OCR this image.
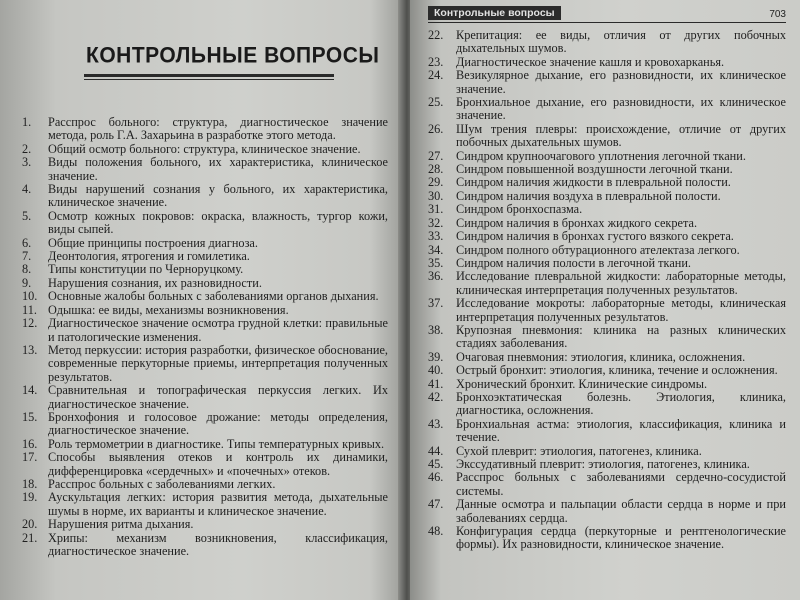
КОНТРОЛЬНЫЕ ВОПРОСЫ
1.	Расспрос больного: структура, диагностическое значение метода, роль Г.А. Захарьина в разработке этого метода.
2.	Общий осмотр больного: структура, клиническое значение.
3.	Виды положения больного, их характеристика, клиническое значение.
4.	Виды нарушений сознания у больного, их характеристика, клиническое значение.
5.	Осмотр кожных покровов: окраска, влажность, тургор кожи, виды сыпей.
6.	Общие принципы построения диагноза.
7.	Деонтология, ятрогения и гомилетика.
8.	Типы конституции по Черноруцкому.
9.	Нарушения сознания, их разновидности.
10. Основные жалобы больных с заболеваниями органов дыхания.
11. Одышка: ее виды, механизмы возникновения.
12. Диагностическое значение осмотра грудной клетки: правильные и патологические изменения.
13. Метод перкуссии: история разработки, физическое обоснование, современные перкуторные приемы, интерпретация полученных результатов.
14. Сравнительная и топографическая перкуссия легких. Их диагностическое значение.
15. Бронхофония и голосовое дрожание: методы определения, диагностическое значение.
16. Роль термометрии в диагностике. Типы температурных кривых.
17. Способы выявления отеков и контроль их динамики, дифференцировка «сердечных» и «почечных» отеков.
18. Расспрос больных с заболеваниями легких.
19. Аускультация легких: история развития метода, дыхательные шумы в норме, их варианты и клиническое значение.
20. Нарушения ритма дыхания.
21. Хрипы: механизм возникновения, классификация, диагностическое значение.
Контрольные вопросы	703
22.	Крепитация: ее виды, отличия от других побочных дыхательных шумов.
23.	Диагностическое значение кашля и кровохарканья.
24.	Везикулярное дыхание, его разновидности, их клиническое значение.
25.	Бронхиальное дыхание, его разновидности, их клиническое значение.
26.	Шум трения плевры: происхождение, отличие от других побочных дыхательных шумов.
27.	Синдром крупноочагового уплотнения легочной ткани.
28.	Синдром повышенной воздушности легочной ткани.
29.	Синдром наличия жидкости в плевральной полости.
30.	Синдром наличия воздуха в плевральной полости.
31.	Синдром бронхоспазма.
32.	Синдром наличия в бронхах жидкого секрета.
33.	Синдром наличия в бронхах густого вязкого секрета.
34.	Синдром полного обтурационного ателектаза легкого.
35.	Синдром наличия полости в легочной ткани.
36.	Исследование плевральной жидкости: лабораторные методы, клиническая интерпретация полученных результатов.
37.	Исследование мокроты: лабораторные методы, клиническая интерпретация полученных результатов.
38.	Крупозная пневмония: клиника на разных клинических стадиях заболевания.
39.	Очаговая пневмония: этиология, клиника, осложнения.
40.	Острый бронхит: этиология, клиника, течение и осложнения.
41.	Хронический бронхит. Клинические синдромы.
42.	Бронхоэктатическая болезнь. Этиология, клиника, диагностика, осложнения.
43.	Бронхиальная астма: этиология, классификация, клиника и течение.
44.	Сухой плеврит: этиология, патогенез, клиника.
45.	Экссудативный плеврит: этиология, патогенез, клиника.
46.	Расспрос больных с заболеваниями сердечно-сосудистой системы.
47.	Данные осмотра и пальпации области сердца в норме и при заболеваниях сердца.
48.	Конфигурация сердца (перкуторные и рентгенологические формы). Их разновидности, клиническое значение.
